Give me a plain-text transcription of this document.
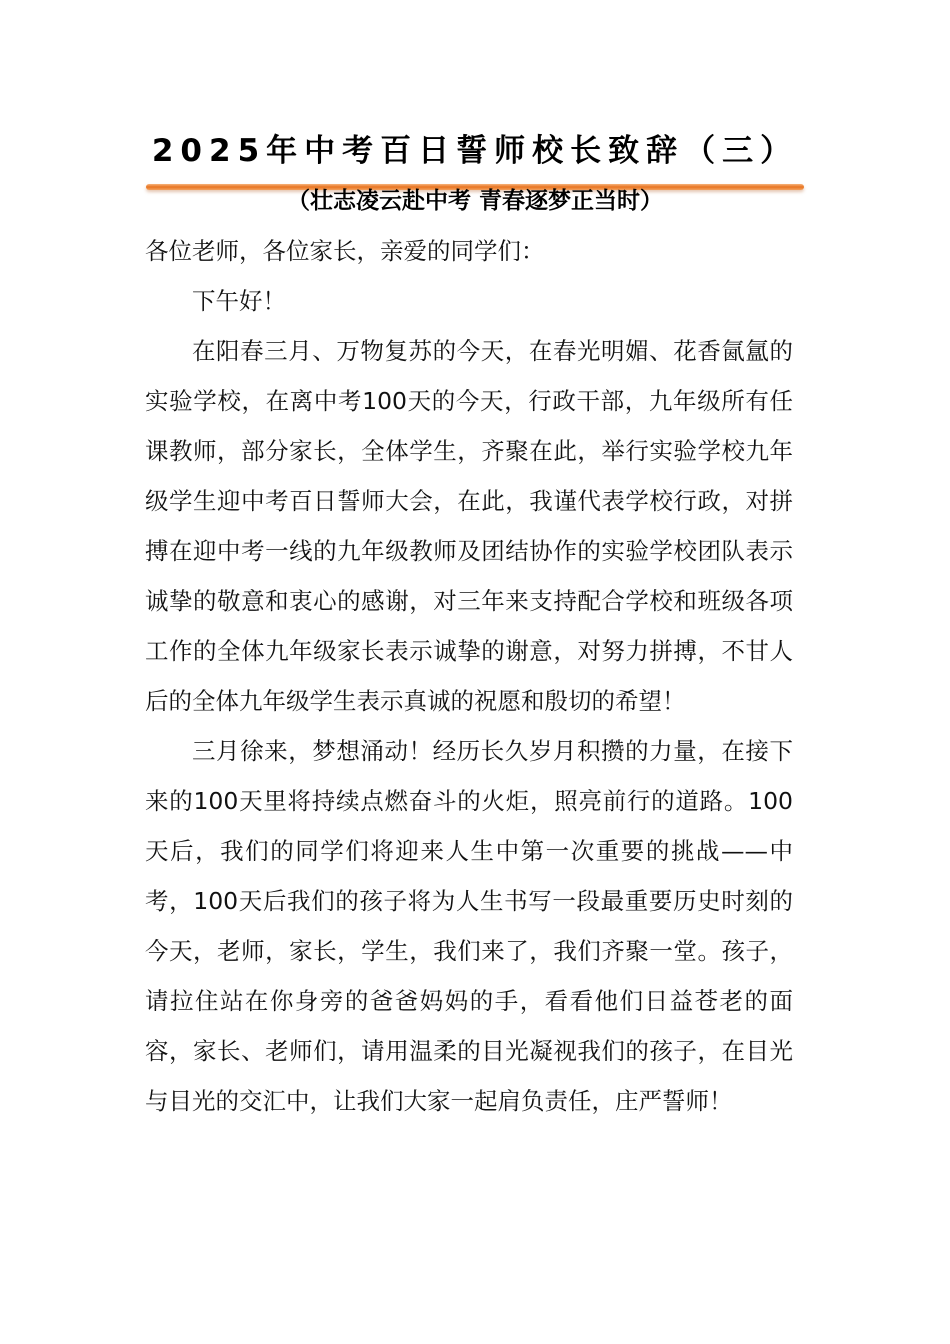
2025年中考百日誓师校长致辞（三）
（壮志凌云赴中考 青春逐梦正当时）

各位老师，各位家长，亲爱的同学们：

下午好！

在阳春三月、万物复苏的今天，在春光明媚、花香氤氲的实验学校，在离中考100天的今天，行政干部，九年级所有任课教师，部分家长，全体学生，齐聚在此，举行实验学校九年级学生迎中考百日誓师大会，在此，我谨代表学校行政，对拼搏在迎中考一线的九年级教师及团结协作的实验学校团队表示诚挚的敬意和衷心的感谢，对三年来支持配合学校和班级各项工作的全体九年级家长表示诚挚的谢意，对努力拼搏，不甘人后的全体九年级学生表示真诚的祝愿和殷切的希望！

三月徐来，梦想涌动！经历长久岁月积攒的力量，在接下来的100天里将持续点燃奋斗的火炬，照亮前行的道路。100天后，我们的同学们将迎来人生中第一次重要的挑战——中考，100天后我们的孩子将为人生书写一段最重要历史时刻的今天，老师，家长，学生，我们来了，我们齐聚一堂。孩子，请拉住站在你身旁的爸爸妈妈的手，看看他们日益苍老的面容，家长、老师们，请用温柔的目光凝视我们的孩子，在目光与目光的交汇中，让我们大家一起肩负责任，庄严誓师！
